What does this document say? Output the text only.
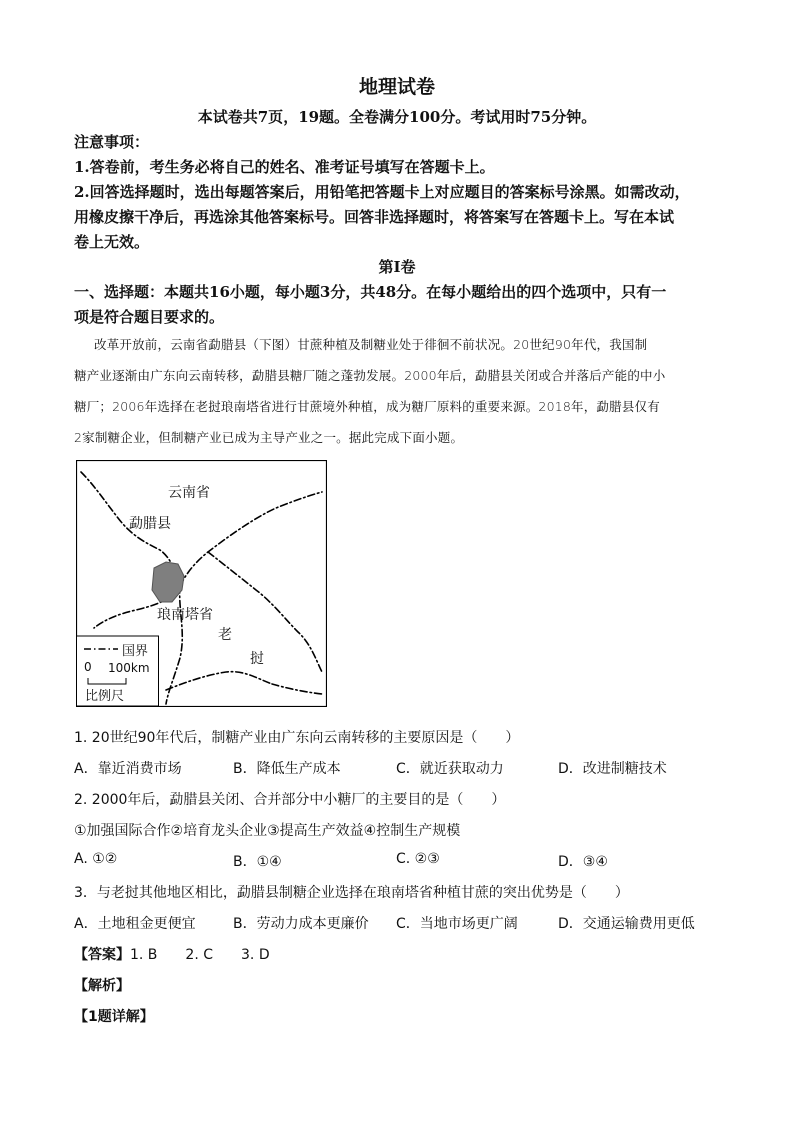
地理试卷
本试卷共7页，19题。全卷满分100分。考试用时75分钟。
注意事项：
1.答卷前，考生务必将自己的姓名、准考证号填写在答题卡上。
2.回答选择题时，选出每题答案后，用铅笔把答题卡上对应题目的答案标号涂黑。如需改动，
用橡皮擦干净后，再选涂其他答案标号。回答非选择题时，将答案写在答题卡上。写在本试
卷上无效。
第Ⅰ卷
一、选择题：本题共16小题，每小题3分，共48分。在每小题给出的四个选项中，只有一
项是符合题目要求的。
改革开放前，云南省勐腊县（下图）甘蔗种植及制糖业处于徘徊不前状况。20世纪90年代，我国制
糖产业逐渐由广东向云南转移，勐腊县糖厂随之蓬勃发展。2000年后，勐腊县关闭或合并落后产能的中小
糖厂；2006年选择在老挝琅南塔省进行甘蔗境外种植，成为糖厂原料的重要来源。2018年，勐腊县仅有
2家制糖企业，但制糖产业已成为主导产业之一。据此完成下面小题。
云南省
勐腊县
琅南塔省
老
挝
国界
0 100km
比例尺
1. 20世纪90年代后，制糖产业由广东向云南转移的主要原因是（　　）
A．靠近消费市场	B．降低生产成本	C．就近获取动力	D．改进制糖技术
2. 2000年后，勐腊县关闭、合并部分中小糖厂的主要目的是（　　）
①加强国际合作②培育龙头企业③提高生产效益④控制生产规模
A. ①②	B．①④	C. ②③	D．③④
3．与老挝其他地区相比，勐腊县制糖企业选择在琅南塔省种植甘蔗的突出优势是（　　）
A．土地租金更便宜	B．劳动力成本更廉价 C．当地市场更广阔	D．交通运输费用更低
【答案】1. B 2. C 3. D
【解析】
【1题详解】
